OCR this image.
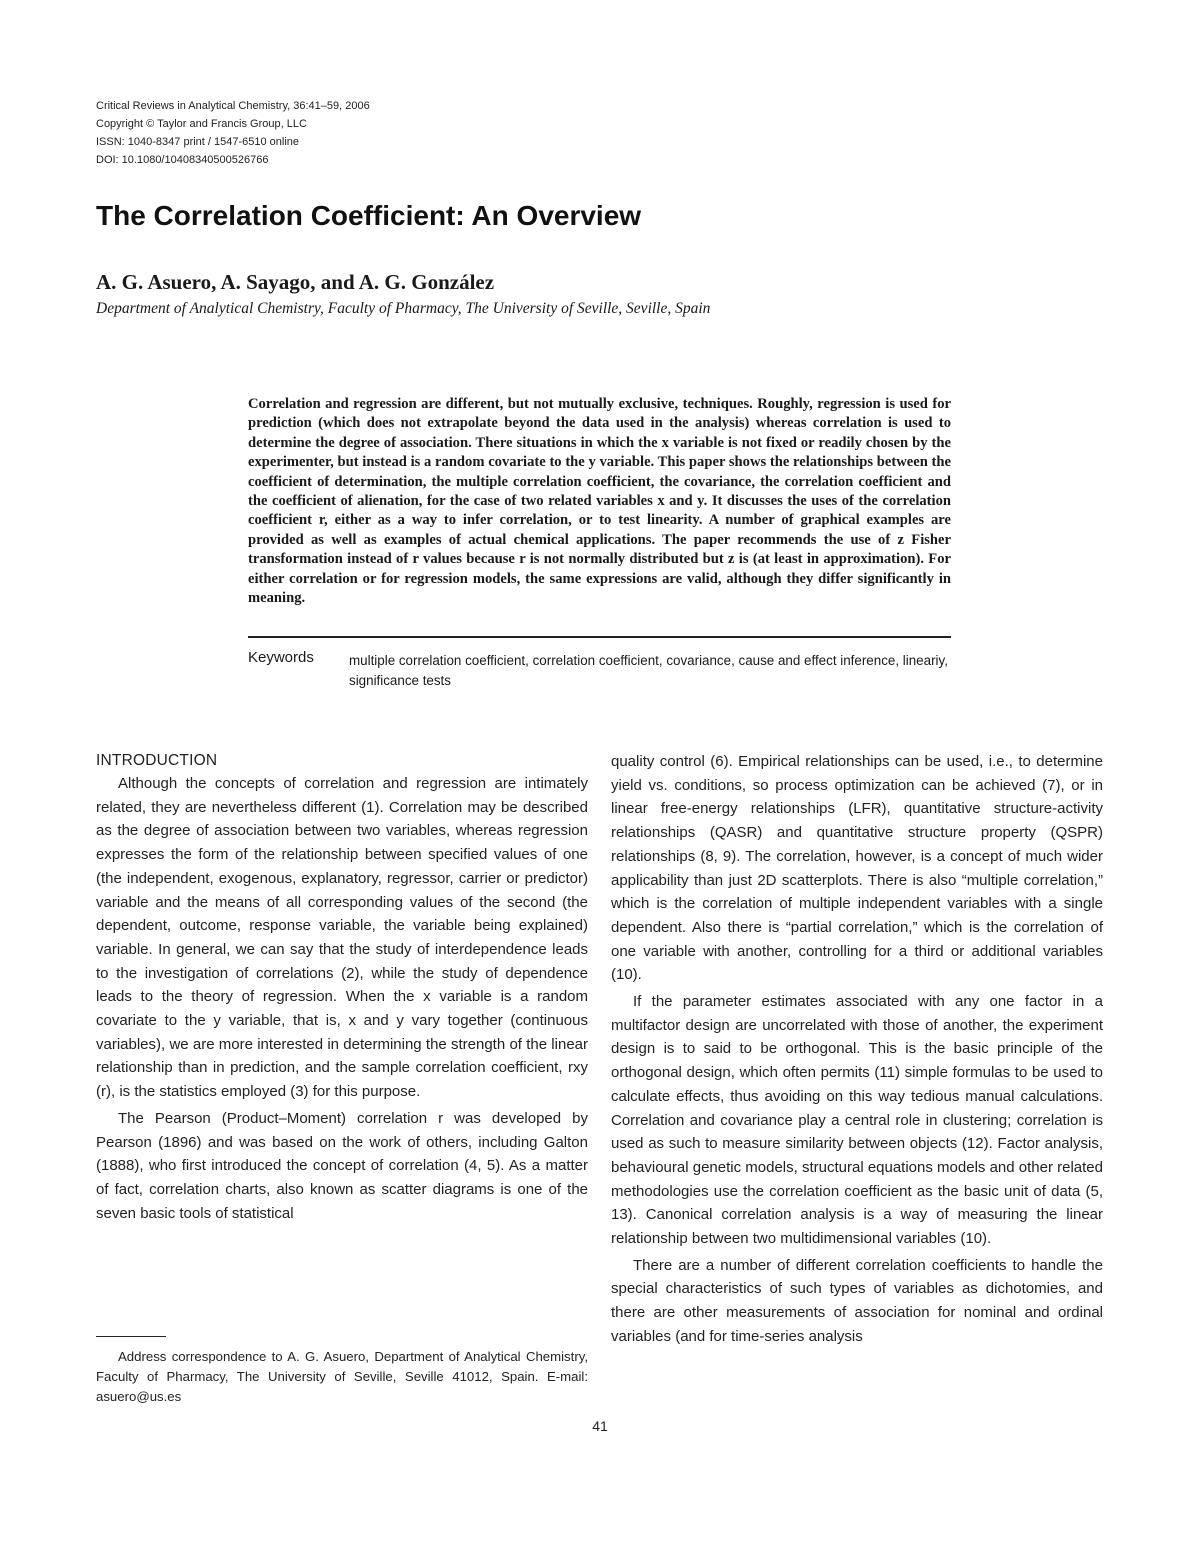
Critical Reviews in Analytical Chemistry, 36:41–59, 2006
Copyright © Taylor and Francis Group, LLC
ISSN: 1040-8347 print / 1547-6510 online
DOI: 10.1080/10408340500526766
The Correlation Coefficient: An Overview
A. G. Asuero, A. Sayago, and A. G. González
Department of Analytical Chemistry, Faculty of Pharmacy, The University of Seville, Seville, Spain

Correlation and regression are different, but not mutually exclusive, techniques. Roughly, regression is used for prediction (which does not extrapolate beyond the data used in the analysis) whereas correlation is used to determine the degree of association. There situations in which the x variable is not fixed or readily chosen by the experimenter, but instead is a random covariate to the y variable. This paper shows the relationships between the coefficient of determination, the multiple correlation coefficient, the covariance, the correlation coefficient and the coefficient of alienation, for the case of two related variables x and y. It discusses the uses of the correlation coefficient r, either as a way to infer correlation, or to test linearity. A number of graphical examples are provided as well as examples of actual chemical applications. The paper recommends the use of z Fisher transformation instead of r values because r is not normally distributed but z is (at least in approximation). For either correlation or for regression models, the same expressions are valid, although they differ significantly in meaning.

Keywords	multiple correlation coefficient, correlation coefficient, covariance, cause and effect inference, lineariy, significance tests
INTRODUCTION

Although the concepts of correlation and regression are intimately related, they are nevertheless different (1). Correlation may be described as the degree of association between two variables, whereas regression expresses the form of the relationship between specified values of one (the independent, exogenous, explanatory, regressor, carrier or predictor) variable and the means of all corresponding values of the second (the dependent, outcome, response variable, the variable being explained) variable. In general, we can say that the study of interdependence leads to the investigation of correlations (2), while the study of dependence leads to the theory of regression. When the x variable is a random covariate to the y variable, that is, x and y vary together (continuous variables), we are more interested in determining the strength of the linear relationship than in prediction, and the sample correlation coefficient, rxy (r), is the statistics employed (3) for this purpose.

The Pearson (Product–Moment) correlation r was developed by Pearson (1896) and was based on the work of others, including Galton (1888), who first introduced the concept of correlation (4, 5). As a matter of fact, correlation charts, also known as scatter diagrams is one of the seven basic tools of statistical

quality control (6). Empirical relationships can be used, i.e., to determine yield vs. conditions, so process optimization can be achieved (7), or in linear free-energy relationships (LFR), quantitative structure-activity relationships (QASR) and quantitative structure property (QSPR) relationships (8, 9). The correlation, however, is a concept of much wider applicability than just 2D scatterplots. There is also “multiple correlation,” which is the correlation of multiple independent variables with a single dependent. Also there is “partial correlation,” which is the correlation of one variable with another, controlling for a third or additional variables (10).

If the parameter estimates associated with any one factor in a multifactor design are uncorrelated with those of another, the experiment design is to said to be orthogonal. This is the basic principle of the orthogonal design, which often permits (11) simple formulas to be used to calculate effects, thus avoiding on this way tedious manual calculations. Correlation and covariance play a central role in clustering; correlation is used as such to measure similarity between objects (12). Factor analysis, behavioural genetic models, structural equations models and other related methodologies use the correlation coefficient as the basic unit of data (5, 13). Canonical correlation analysis is a way of measuring the linear relationship between two multidimensional variables (10).

There are a number of different correlation coefficients to handle the special characteristics of such types of variables as dichotomies, and there are other measurements of association for nominal and ordinal variables (and for time-series analysis

Address correspondence to A. G. Asuero, Department of Analytical Chemistry, Faculty of Pharmacy, The University of Seville, Seville 41012, Spain. E-mail: asuero@us.es
41
